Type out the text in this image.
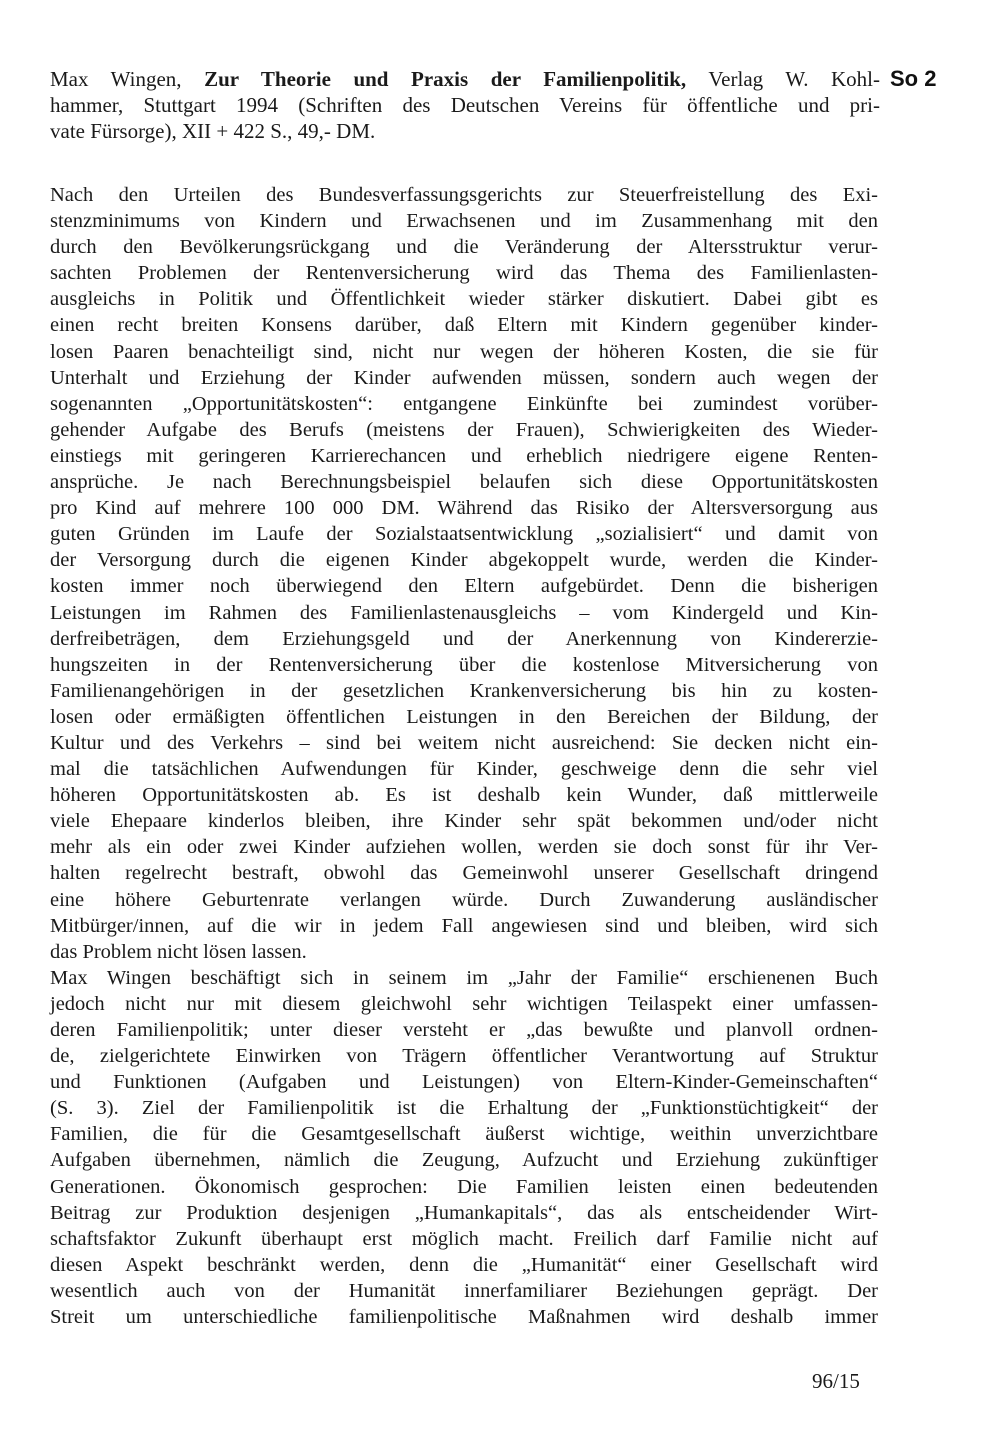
Max Wingen, Zur Theorie und Praxis der Familienpolitik, Verlag W. Kohl-
hammer, Stuttgart 1994 (Schriften des Deutschen Vereins für öffentliche und pri-
vate Fürsorge), XII + 422 S., 49,- DM.
So 2
Nach den Urteilen des Bundesverfassungsgerichts zur Steuerfreistellung des Exi-
stenzminimums von Kindern und Erwachsenen und im Zusammenhang mit den
durch den Bevölkerungsrückgang und die Veränderung der Altersstruktur verur-
sachten Problemen der Rentenversicherung wird das Thema des Familienlasten-
ausgleichs in Politik und Öffentlichkeit wieder stärker diskutiert. Dabei gibt es
einen recht breiten Konsens darüber, daß Eltern mit Kindern gegenüber kinder-
losen Paaren benachteiligt sind, nicht nur wegen der höheren Kosten, die sie für
Unterhalt und Erziehung der Kinder aufwenden müssen, sondern auch wegen der
sogenannten „Opportunitätskosten“: entgangene Einkünfte bei zumindest vorüber-
gehender Aufgabe des Berufs (meistens der Frauen), Schwierigkeiten des Wieder-
einstiegs mit geringeren Karrierechancen und erheblich niedrigere eigene Renten-
ansprüche. Je nach Berechnungsbeispiel belaufen sich diese Opportunitätskosten
pro Kind auf mehrere 100 000 DM. Während das Risiko der Altersversorgung aus
guten Gründen im Laufe der Sozialstaatsentwicklung „sozialisiert“ und damit von
der Versorgung durch die eigenen Kinder abgekoppelt wurde, werden die Kinder-
kosten immer noch überwiegend den Eltern aufgebürdet. Denn die bisherigen
Leistungen im Rahmen des Familienlastenausgleichs – vom Kindergeld und Kin-
derfreibeträgen, dem Erziehungsgeld und der Anerkennung von Kindererzie-
hungszeiten in der Rentenversicherung über die kostenlose Mitversicherung von
Familienangehörigen in der gesetzlichen Krankenversicherung bis hin zu kosten-
losen oder ermäßigten öffentlichen Leistungen in den Bereichen der Bildung, der
Kultur und des Verkehrs – sind bei weitem nicht ausreichend: Sie decken nicht ein-
mal die tatsächlichen Aufwendungen für Kinder, geschweige denn die sehr viel
höheren Opportunitätskosten ab. Es ist deshalb kein Wunder, daß mittlerweile
viele Ehepaare kinderlos bleiben, ihre Kinder sehr spät bekommen und/oder nicht
mehr als ein oder zwei Kinder aufziehen wollen, werden sie doch sonst für ihr Ver-
halten regelrecht bestraft, obwohl das Gemeinwohl unserer Gesellschaft dringend
eine höhere Geburtenrate verlangen würde. Durch Zuwanderung ausländischer
Mitbürger/innen, auf die wir in jedem Fall angewiesen sind und bleiben, wird sich
das Problem nicht lösen lassen.
Max Wingen beschäftigt sich in seinem im „Jahr der Familie“ erschienenen Buch
jedoch nicht nur mit diesem gleichwohl sehr wichtigen Teilaspekt einer umfassen-
deren Familienpolitik; unter dieser versteht er „das bewußte und planvoll ordnen-
de, zielgerichtete Einwirken von Trägern öffentlicher Verantwortung auf Struktur
und Funktionen (Aufgaben und Leistungen) von Eltern-Kinder-Gemeinschaften“
(S. 3). Ziel der Familienpolitik ist die Erhaltung der „Funktionstüchtigkeit“ der
Familien, die für die Gesamtgesellschaft äußerst wichtige, weithin unverzichtbare
Aufgaben übernehmen, nämlich die Zeugung, Aufzucht und Erziehung zukünftiger
Generationen. Ökonomisch gesprochen: Die Familien leisten einen bedeutenden
Beitrag zur Produktion desjenigen „Humankapitals“, das als entscheidender Wirt-
schaftsfaktor Zukunft überhaupt erst möglich macht. Freilich darf Familie nicht auf
diesen Aspekt beschränkt werden, denn die „Humanität“ einer Gesellschaft wird
wesentlich auch von der Humanität innerfamiliarer Beziehungen geprägt. Der
Streit um unterschiedliche familienpolitische Maßnahmen wird deshalb immer
96/15
